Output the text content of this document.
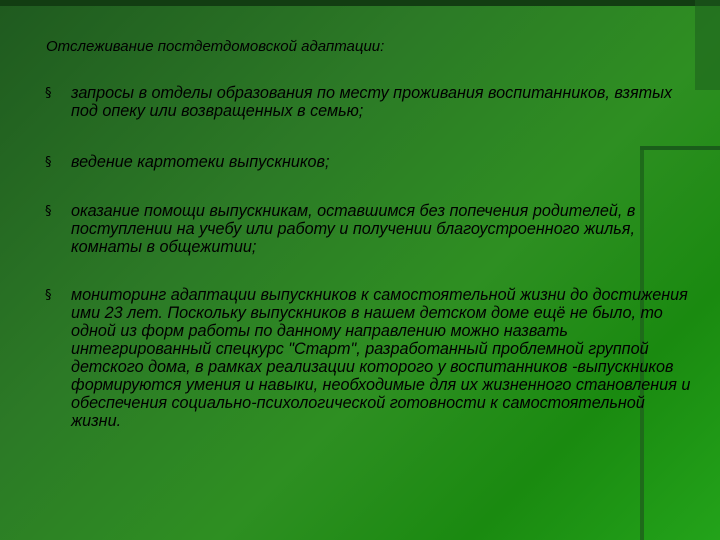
Отслеживание постдетдомовской адаптации:
§	запросы в отделы образования по месту проживания воспитанников, взятых под опеку или возвращенных в семью;
§	ведение картотеки выпускников;
§	оказание помощи выпускникам, оставшимся без попечения родителей, в поступлении на учебу или работу и получении благоустроенного жилья, комнаты в общежитии;
§	мониторинг адаптации выпускников к самостоятельной жизни до достижения ими 23 лет. Поскольку выпускников в нашем детском доме ещё не было, то одной из форм работы по данному направлению можно назвать интегрированный спецкурс "Старт", разработанный проблемной группой детского дома, в рамках реализации которого у воспитанников -выпускников формируются умения и навыки, необходимые для их жизненного становления и обеспечения социально-психологической готовности к самостоятельной жизни.
